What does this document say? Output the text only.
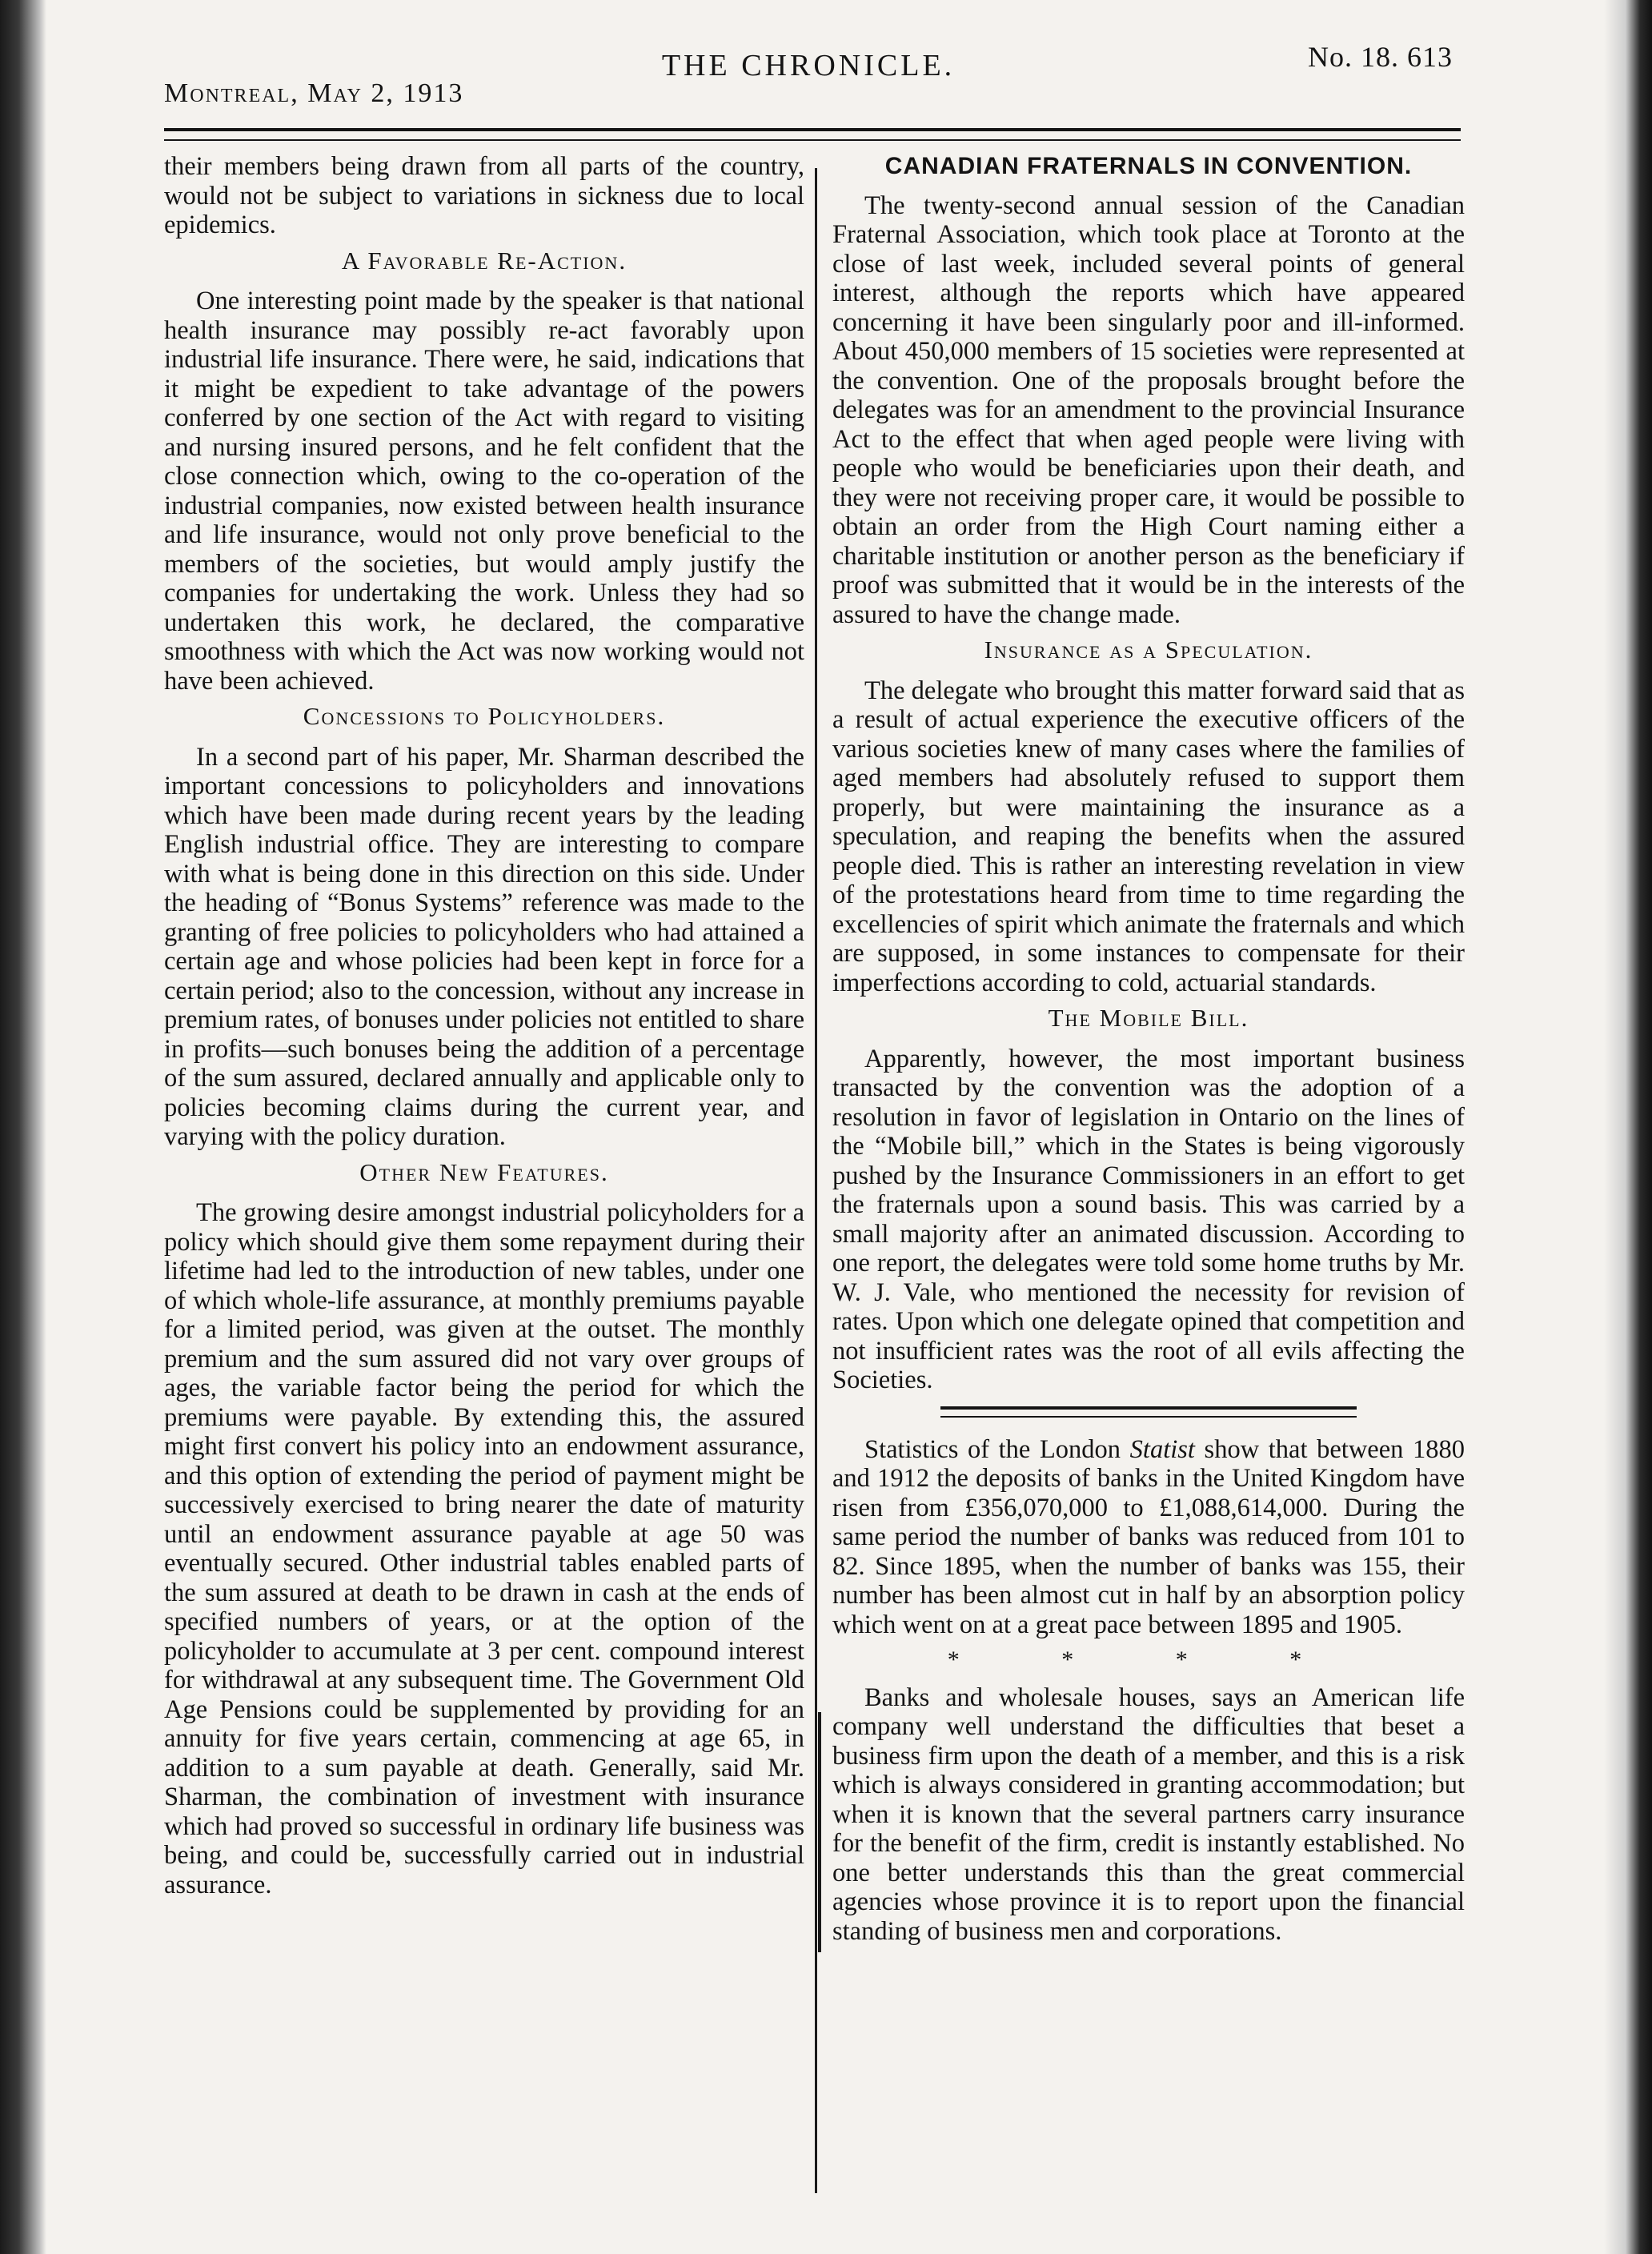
Montreal, May 2, 1913
THE CHRONICLE.	No. 18. 613

their members being drawn from all parts of the country, would not be subject to variations in sickness due to local epidemics.

A Favorable Re-Action.

One interesting point made by the speaker is that national health insurance may possibly re-act favorably upon industrial life insurance. There were, he said, indications that it might be expedient to take advantage of the powers conferred by one section of the Act with regard to visiting and nursing insured persons, and he felt confident that the close connection which, owing to the co-operation of the industrial companies, now existed between health insurance and life insurance, would not only prove beneficial to the members of the societies, but would amply justify the companies for undertaking the work. Unless they had so undertaken this work, he declared, the comparative smoothness with which the Act was now working would not have been achieved.

Concessions to Policyholders.

In a second part of his paper, Mr. Sharman described the important concessions to policyholders and innovations which have been made during recent years by the leading English industrial office. They are interesting to compare with what is being done in this direction on this side. Under the heading of “Bonus Systems” reference was made to the granting of free policies to policyholders who had attained a certain age and whose policies had been kept in force for a certain period; also to the concession, without any increase in premium rates, of bonuses under policies not entitled to share in profits—such bonuses being the addition of a percentage of the sum assured, declared annually and applicable only to policies becoming claims during the current year, and varying with the policy duration.

Other New Features.

The growing desire amongst industrial policyholders for a policy which should give them some repayment during their lifetime had led to the introduction of new tables, under one of which whole-life assurance, at monthly premiums payable for a limited period, was given at the outset. The monthly premium and the sum assured did not vary over groups of ages, the variable factor being the period for which the premiums were payable. By extending this, the assured might first convert his policy into an endowment assurance, and this option of extending the period of payment might be successively exercised to bring nearer the date of maturity until an endowment assurance payable at age 50 was eventually secured. Other industrial tables enabled parts of the sum assured at death to be drawn in cash at the ends of specified numbers of years, or at the option of the policyholder to accumulate at 3 per cent. compound interest for withdrawal at any subsequent time. The Government Old Age Pensions could be supplemented by providing for an annuity for five years certain, commencing at age 65, in addition to a sum payable at death. Generally, said Mr. Sharman, the combination of investment with insurance which had proved so successful in ordinary life business was being, and could be, successfully carried out in industrial assurance.

CANADIAN FRATERNALS IN CONVENTION.

The twenty-second annual session of the Canadian Fraternal Association, which took place at Toronto at the close of last week, included several points of general interest, although the reports which have appeared concerning it have been singularly poor and ill-informed. About 450,000 members of 15 societies were represented at the convention. One of the proposals brought before the delegates was for an amendment to the provincial Insurance Act to the effect that when aged people were living with people who would be beneficiaries upon their death, and they were not receiving proper care, it would be possible to obtain an order from the High Court naming either a charitable institution or another person as the beneficiary if proof was submitted that it would be in the interests of the assured to have the change made.

Insurance as a Speculation.

The delegate who brought this matter forward said that as a result of actual experience the executive officers of the various societies knew of many cases where the families of aged members had absolutely refused to support them properly, but were maintaining the insurance as a speculation, and reaping the benefits when the assured people died. This is rather an interesting revelation in view of the protestations heard from time to time regarding the excellencies of spirit which animate the fraternals and which are supposed, in some instances to compensate for their imperfections according to cold, actuarial standards.

The Mobile Bill.

Apparently, however, the most important business transacted by the convention was the adoption of a resolution in favor of legislation in Ontario on the lines of the “Mobile bill,” which in the States is being vigorously pushed by the Insurance Commissioners in an effort to get the fraternals upon a sound basis. This was carried by a small majority after an animated discussion. According to one report, the delegates were told some home truths by Mr. W. J. Vale, who mentioned the necessity for revision of rates. Upon which one delegate opined that competition and not insufficient rates was the root of all evils affecting the Societies.

Statistics of the London Statist show that between 1880 and 1912 the deposits of banks in the United Kingdom have risen from £356,070,000 to £1,088,614,000. During the same period the number of banks was reduced from 101 to 82. Since 1895, when the number of banks was 155, their number has been almost cut in half by an absorption policy which went on at a great pace between 1895 and 1905.

* * * *

Banks and wholesale houses, says an American life company well understand the difficulties that beset a business firm upon the death of a member, and this is a risk which is always considered in granting accommodation; but when it is known that the several partners carry insurance for the benefit of the firm, credit is instantly established. No one better understands this than the great commercial agencies whose province it is to report upon the financial standing of business men and corporations.
